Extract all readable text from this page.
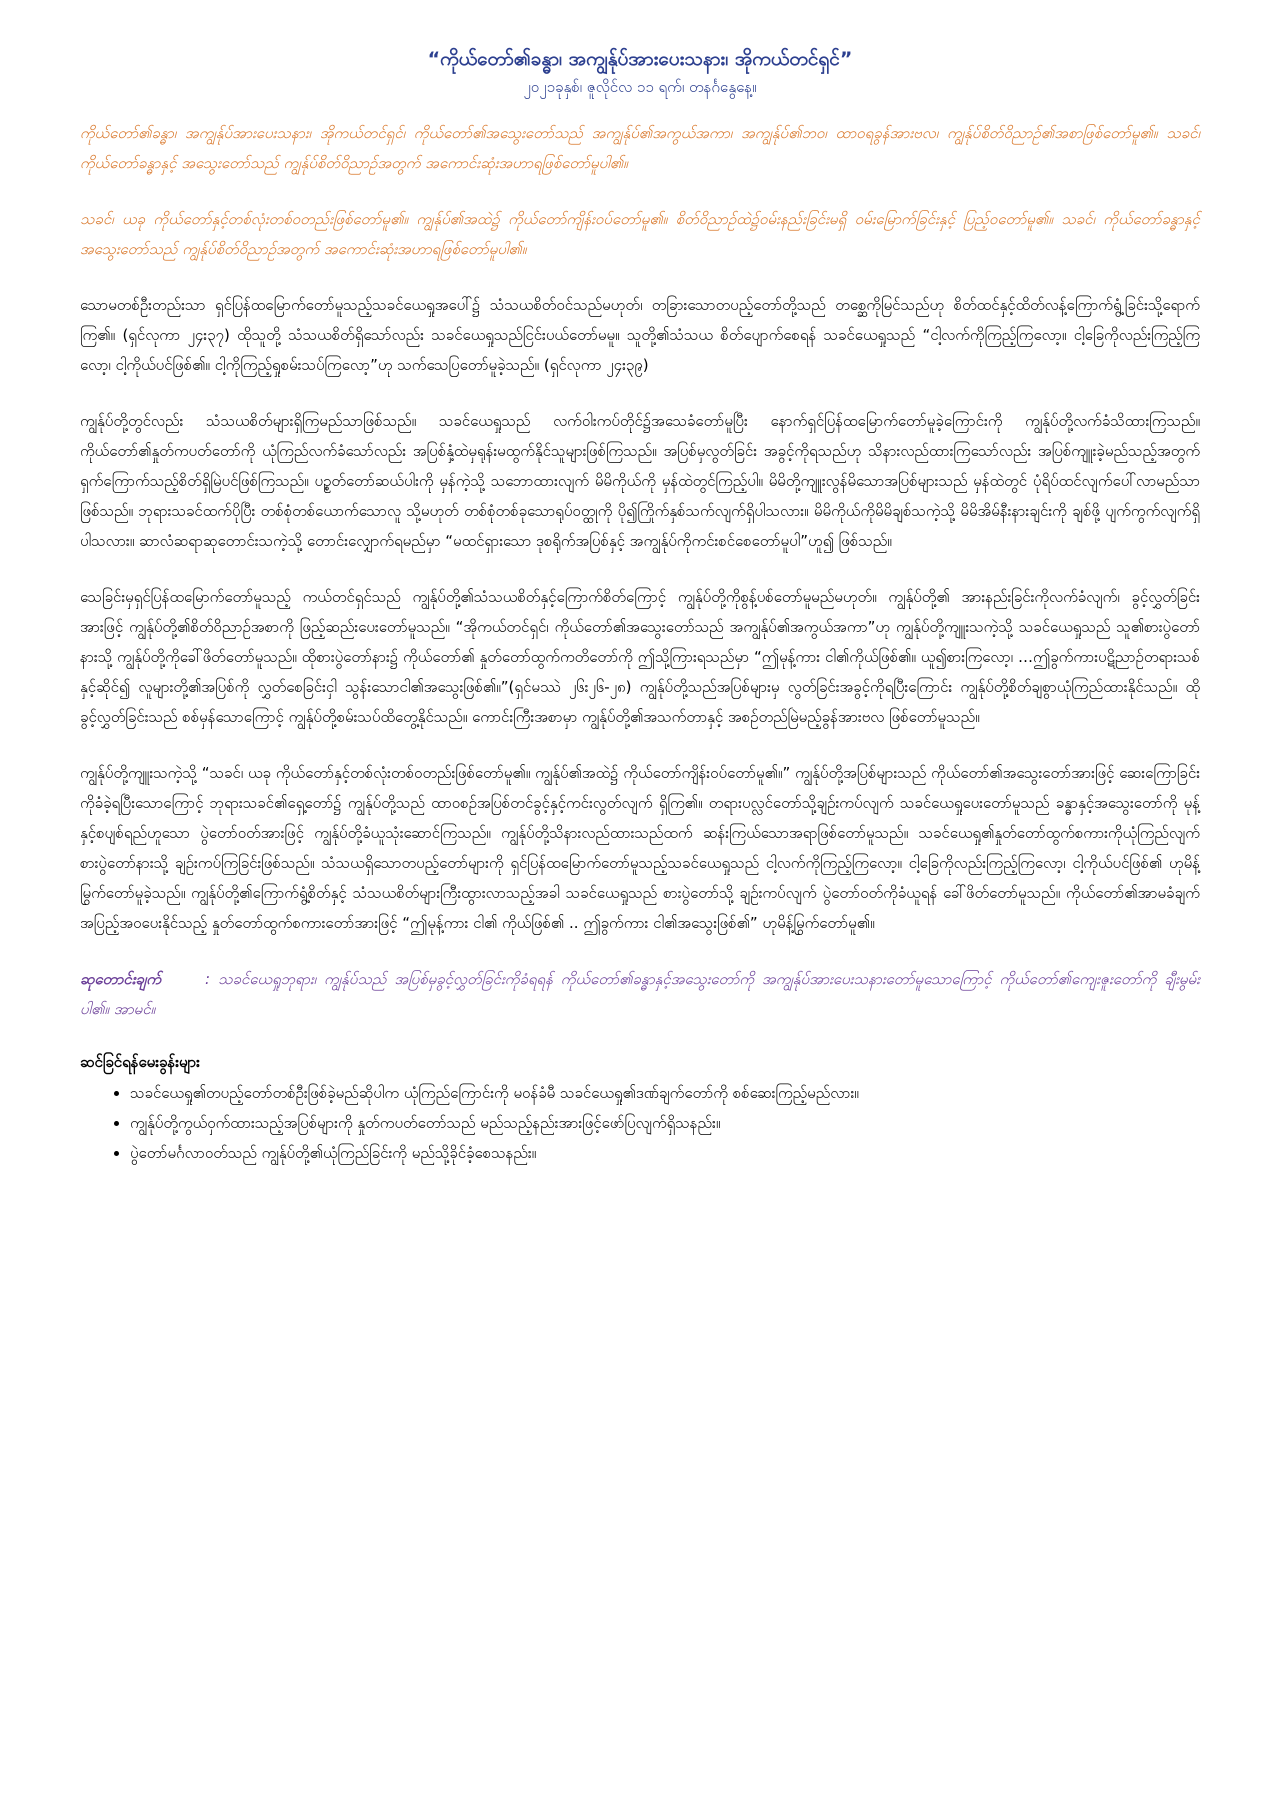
“ကိုယ်တော်၏ခန္ဓာ၊ အကျွန်ုပ်အားပေးသနား၊ အိုကယ်တင်ရှင်”

၂၀၂၁ခုနှစ်၊ ဇူလိုင်လ ၁၁ ရက်၊ တနင်္ဂနွေနေ့။

ကိုယ်တော်၏ခန္ဓာ၊ အကျွန်ုပ်အားပေးသနား၊ အိုကယ်တင်ရှင်၊ ကိုယ်တော်၏အသွေးတော်သည် အကျွန်ုပ်၏အကွယ်အကာ၊ အကျွန်ုပ်၏ဘဝ၊ ထာဝရခွန်အားဗလ၊ ကျွန်ုပ်စိတ်ဝိညာဉ်၏အစာဖြစ်တော်မူ၏။ သခင်၊ ကိုယ်တော်ခန္ဓာနှင့် အသွေးတော်သည် ကျွန်ုပ်စိတ်ဝိညာဉ်အတွက် အကောင်းဆုံးအဟာရဖြစ်တော်မူပါ၏။

သခင်၊ ယခု ကိုယ်တော်နှင့်တစ်လုံးတစ်ဝတည်းဖြစ်တော်မူ၏။ ကျွန်ုပ်၏အထဲ၌ ကိုယ်တော်ကျိန်းဝပ်တော်မူ၏။ စိတ်ဝိညာဉ်ထဲ၌ဝမ်းနည်းခြင်းမရှိ ဝမ်းမြောက်ခြင်းနှင့် ပြည့်ဝတော်မူ၏။ သခင်၊ ကိုယ်တော်ခန္ဓာနှင့် အသွေးတော်သည် ကျွန်ုပ်စိတ်ဝိညာဉ်အတွက် အကောင်းဆုံးအဟာရဖြစ်တော်မူပါ၏။

သောမတစ်ဦးတည်းသာ ရှင်ပြန်ထမြောက်တော်မူသည့်သခင်ယေရှုအပေါ်၌ သံသယစိတ်ဝင်သည်မဟုတ်၊ တခြားသောတပည့်တော်တို့သည် တစ္ဆေကိုမြင်သည်ဟု စိတ်ထင်နှင့်ထိတ်လန့်ကြောက်ရွံ့ခြင်းသို့ရောက်ကြ၏။ (ရှင်လုကာ ၂၄း၃၇) ထိုသူတို့ သံသယစိတ်ရှိသော်လည်း သခင်ယေရှုသည်ငြင်းပယ်တော်မမူ။ သူတို့၏သံသယ စိတ်ပျောက်စေရန် သခင်ယေရှုသည် “ငါ့လက်ကိုကြည့်ကြလော့။ ငါ့ခြေကိုလည်းကြည့်ကြလော့၊ ငါ့ကိုယ်ပင်ဖြစ်၏။ ငါ့ကိုကြည့်ရှုစမ်းသပ်ကြလော့”ဟု သက်သေပြတော်မူခဲ့သည်။ (ရှင်လုကာ ၂၄း၃၉)

ကျွန်ုပ်တို့တွင်လည်း သံသယစိတ်များရှိကြမည်သာဖြစ်သည်။ သခင်ယေရှုသည် လက်ဝါးကပ်တိုင်၌အသေခံတော်မူပြီး နောက်ရှင်ပြန်ထမြောက်တော်မူခဲ့ကြောင်းကို ကျွန်ုပ်တို့လက်ခံသိထားကြသည်။ ကိုယ်တော်၏နှုတ်ကပတ်တော်ကို ယုံကြည်လက်ခံသော်လည်း အပြစ်နှံ့ထဲမှရုန်းမထွက်နိုင်သူများဖြစ်ကြသည်။ အပြစ်မှလွတ်ခြင်း အခွင့်ကိုရသည်ဟု သိနားလည်ထားကြသော်လည်း အပြစ်ကျူးခဲ့မည်သည့်အတွက် ရှက်ကြောက်သည့်စိတ်ရှိမြဲပင်ဖြစ်ကြသည်။ ပဉ္စတ်တော်ဆယ်ပါးကို မှန်ကဲ့သို့ သဘောထားလျက် မိမိကိုယ်ကို မှန်ထဲတွင်ကြည့်ပါ။ မိမိတို့ကျူးလွန်မိသောအပြစ်များသည် မှန်ထဲတွင် ပုံရိပ်ထင်လျက်ပေါ်လာမည်သာဖြစ်သည်။ ဘုရားသခင်ထက်ပိုပြီး တစ်စုံတစ်ယောက်သောလူ သို့မဟုတ် တစ်စုံတစ်ခုသောရုပ်ဝတ္ထုကို ပို၍ကြိုက်နှစ်သက်လျက်ရှိပါသလား။ မိမိကိုယ်ကိုမိမိချစ်သကဲ့သို့ မိမိအိမ်နီးနားချင်းကို ချစ်ဖို့ ပျက်ကွက်လျက်ရှိပါသလား။ ဆာလံဆရာဆုတောင်းသကဲ့သို့ တောင်းလျှောက်ရမည်မှာ “မထင်ရှားသော ဒုစရိုက်အပြစ်နှင့် အကျွန်ုပ်ကိုကင်းစင်စေတော်မူပါ”ဟူ၍ ဖြစ်သည်။

သေခြင်းမှရှင်ပြန်ထမြောက်တော်မူသည့် ကယ်တင်ရှင်သည် ကျွန်ုပ်တို့၏သံသယစိတ်နှင့်ကြောက်စိတ်ကြောင့် ကျွန်ုပ်တို့ကိုစွန့်ပစ်တော်မူမည်မဟုတ်။ ကျွန်ုပ်တို့၏ အားနည်းခြင်းကိုလက်ခံလျက်၊ ခွင့်လွှတ်ခြင်းအားဖြင့် ကျွန်ုပ်တို့၏စိတ်ဝိညာဉ်အစာကို ဖြည့်ဆည်းပေးတော်မူသည်။ “အိုကယ်တင်ရှင်၊ ကိုယ်တော်၏အသွေးတော်သည် အကျွန်ုပ်၏အကွယ်အကာ”ဟု ကျွန်ုပ်တို့ကျူးသကဲ့သို့ သခင်ယေရှုသည် သူ၏စားပွဲတော်နားသို့ ကျွန်ုပ်တို့ကိုခေါ်ဖိတ်တော်မူသည်။ ထိုစားပွဲတော်နား၌ ကိုယ်တော်၏ နှုတ်တော်ထွက်ကတိတော်ကို ဤသို့ကြားရသည်မှာ “ဤမုန့်ကား ငါ၏ကိုယ်ဖြစ်၏။ ယူ၍စားကြလော့၊ …ဤခွက်ကားပဋိညာဉ်တရားသစ်နှင့်ဆိုင်၍ လူများတို့၏အပြစ်ကို လွှတ်စေခြင်းငှါ သွန်းသောငါ၏အသွေးဖြစ်၏။”(ရှင်မဿဲ ၂၆း၂၆-၂၈) ကျွန်ုပ်တို့သည်အပြစ်များမှ လွတ်ခြင်းအခွင့်ကိုရပြီးကြောင်း ကျွန်ုပ်တို့စိတ်ချစွာယုံကြည်ထားနိုင်သည်။ ထိုခွင့်လွှတ်ခြင်းသည် စစ်မှန်သောကြောင့် ကျွန်ုပ်တို့စမ်းသပ်ထိတွေ့နိုင်သည်။ ကောင်းကြီးအစာမှာ ကျွန်ုပ်တို့၏အသက်တာနှင့် အစဉ်တည်မြဲမည့်ခွန်အားဗလ ဖြစ်တော်မူသည်။

ကျွန်ုပ်တို့ကျူးသကဲ့သို့ “သခင်၊ ယခု ကိုယ်တော်နှင့်တစ်လုံးတစ်ဝတည်းဖြစ်တော်မူ၏။ ကျွန်ုပ်၏အထဲ၌ ကိုယ်တော်ကျိန်းဝပ်တော်မူ၏။” ကျွန်ုပ်တို့အပြစ်များသည် ကိုယ်တော်၏အသွေးတော်အားဖြင့် ဆေးကြောခြင်းကိုခံခဲ့ရပြီးသောကြောင့် ဘုရားသခင်၏ရှေ့တော်၌ ကျွန်ုပ်တို့သည် ထာဝစဉ်အပြစ်တင်ခွင့်နှင့်ကင်းလွတ်လျက် ရှိကြ၏။ တရားပလ္လင်တော်သို့ချဉ်းကပ်လျက် သခင်ယေရှုပေးတော်မူသည် ခန္ဓာနှင့်အသွေးတော်ကို မုန့်နှင့်စပျစ်ရည်ဟူသော ပွဲတော်ဝတ်အားဖြင့် ကျွန်ုပ်တို့ခံယူသုံးဆောင်ကြသည်။ ကျွန်ုပ်တို့သိနားလည်ထားသည်ထက် ဆန်းကြယ်သောအရာဖြစ်တော်မူသည်။ သခင်ယေရှု၏နှုတ်တော်ထွက်စကားကိုယုံကြည်လျက် စားပွဲတော်နားသို့ ချဉ်းကပ်ကြခြင်းဖြစ်သည်။ သံသယရှိသောတပည့်တော်များကို ရှင်ပြန်ထမြောက်တော်မူသည့်သခင်ယေရှုသည် ငါ့လက်ကိုကြည့်ကြလော့။ ငါ့ခြေကိုလည်းကြည့်ကြလော့၊ ငါ့ကိုယ်ပင်ဖြစ်၏ ဟုမိန့်မြွက်တော်မူခဲ့သည်။ ကျွန်ုပ်တို့၏ကြောက်ရွံ့စိတ်နှင့် သံသယစိတ်များကြီးထွားလာသည့်အခါ သခင်ယေရှုသည် စားပွဲတော်သို့ ချဉ်းကပ်လျက် ပွဲတော်ဝတ်ကိုခံယူရန် ခေါ်ဖိတ်တော်မူသည်။ ကိုယ်တော်၏အာမခံချက်အပြည့်အဝပေးနိုင်သည့် နှုတ်တော်ထွက်စကားတော်အားဖြင့် “ဤမုန့်ကား ငါ၏ ကိုယ်ဖြစ်၏ .. ဤခွက်ကား ငါ၏အသွေးဖြစ်၏” ဟုမိန့်မြွက်တော်မူ၏။

ဆုတောင်းချက်	: သခင်ယေရှုဘုရား၊ ကျွန်ုပ်သည် အပြစ်မှခွင့်လွှတ်ခြင်းကိုခံရရန် ကိုယ်တော်၏ခန္ဓာနှင့်အသွေးတော်ကို အကျွန်ုပ်အားပေးသနားတော်မူသောကြောင့် ကိုယ်တော်၏ကျေးဇူးတော်ကို ချီးမွမ်းပါ၏။ အာမင်။

ဆင်ခြင်ရန်မေးခွန်းများ

• သခင်ယေရှု၏တပည့်တော်တစ်ဦးဖြစ်ခဲ့မည်ဆိုပါက ယုံကြည်ကြောင်းကို မဝန်ခံမီ သခင်ယေရှု၏ဒဏ်ချက်တော်ကို စစ်ဆေးကြည့်မည်လား။
• ကျွန်ုပ်တို့ကွယ်ဝှက်ထားသည့်အပြစ်များကို နှုတ်ကပတ်တော်သည် မည်သည့်နည်းအားဖြင့်ဖော်ပြလျက်ရှိသနည်း။
• ပွဲတော်မင်္ဂလာဝတ်သည် ကျွန်ုပ်တို့၏ယုံကြည်ခြင်းကို မည်သို့ခိုင်ခံ့စေသနည်း။
